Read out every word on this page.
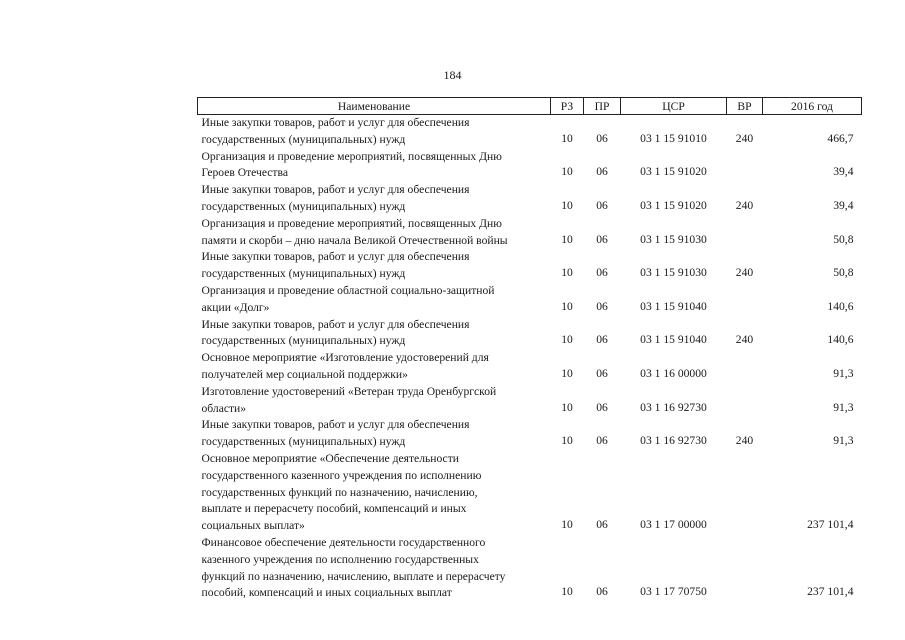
184
Наименование	РЗ	ПР	ЦСР	ВР	2016 год
Иные закупки товаров, работ и услуг для обеспечения
государственных (муниципальных) нужд	10	06	03 1 15 91010	240	466,7
Организация и проведение мероприятий, посвященных Дню
Героев Отечества	10	06	03 1 15 91020		39,4
Иные закупки товаров, работ и услуг для обеспечения
государственных (муниципальных) нужд	10	06	03 1 15 91020	240	39,4
Организация и проведение мероприятий, посвященных Дню
памяти и скорби – дню начала Великой Отечественной войны	10	06	03 1 15 91030		50,8
Иные закупки товаров, работ и услуг для обеспечения
государственных (муниципальных) нужд	10	06	03 1 15 91030	240	50,8
Организация и проведение областной социально-защитной
акции «Долг»	10	06	03 1 15 91040		140,6
Иные закупки товаров, работ и услуг для обеспечения
государственных (муниципальных) нужд	10	06	03 1 15 91040	240	140,6
Основное мероприятие «Изготовление удостоверений для
получателей мер социальной поддержки»	10	06	03 1 16 00000		91,3
Изготовление удостоверений «Ветеран труда Оренбургской
области»	10	06	03 1 16 92730		91,3
Иные закупки товаров, работ и услуг для обеспечения
государственных (муниципальных) нужд	10	06	03 1 16 92730	240	91,3
Основное мероприятие «Обеспечение деятельности
государственного казенного учреждения по исполнению
государственных функций по назначению, начислению,
выплате и перерасчету пособий, компенсаций и иных
социальных выплат»	10	06	03 1 17 00000		237 101,4
Финансовое обеспечение деятельности государственного
казенного учреждения по исполнению государственных
функций по назначению, начислению, выплате и перерасчету
пособий, компенсаций и иных социальных выплат	10	06	03 1 17 70750		237 101,4
